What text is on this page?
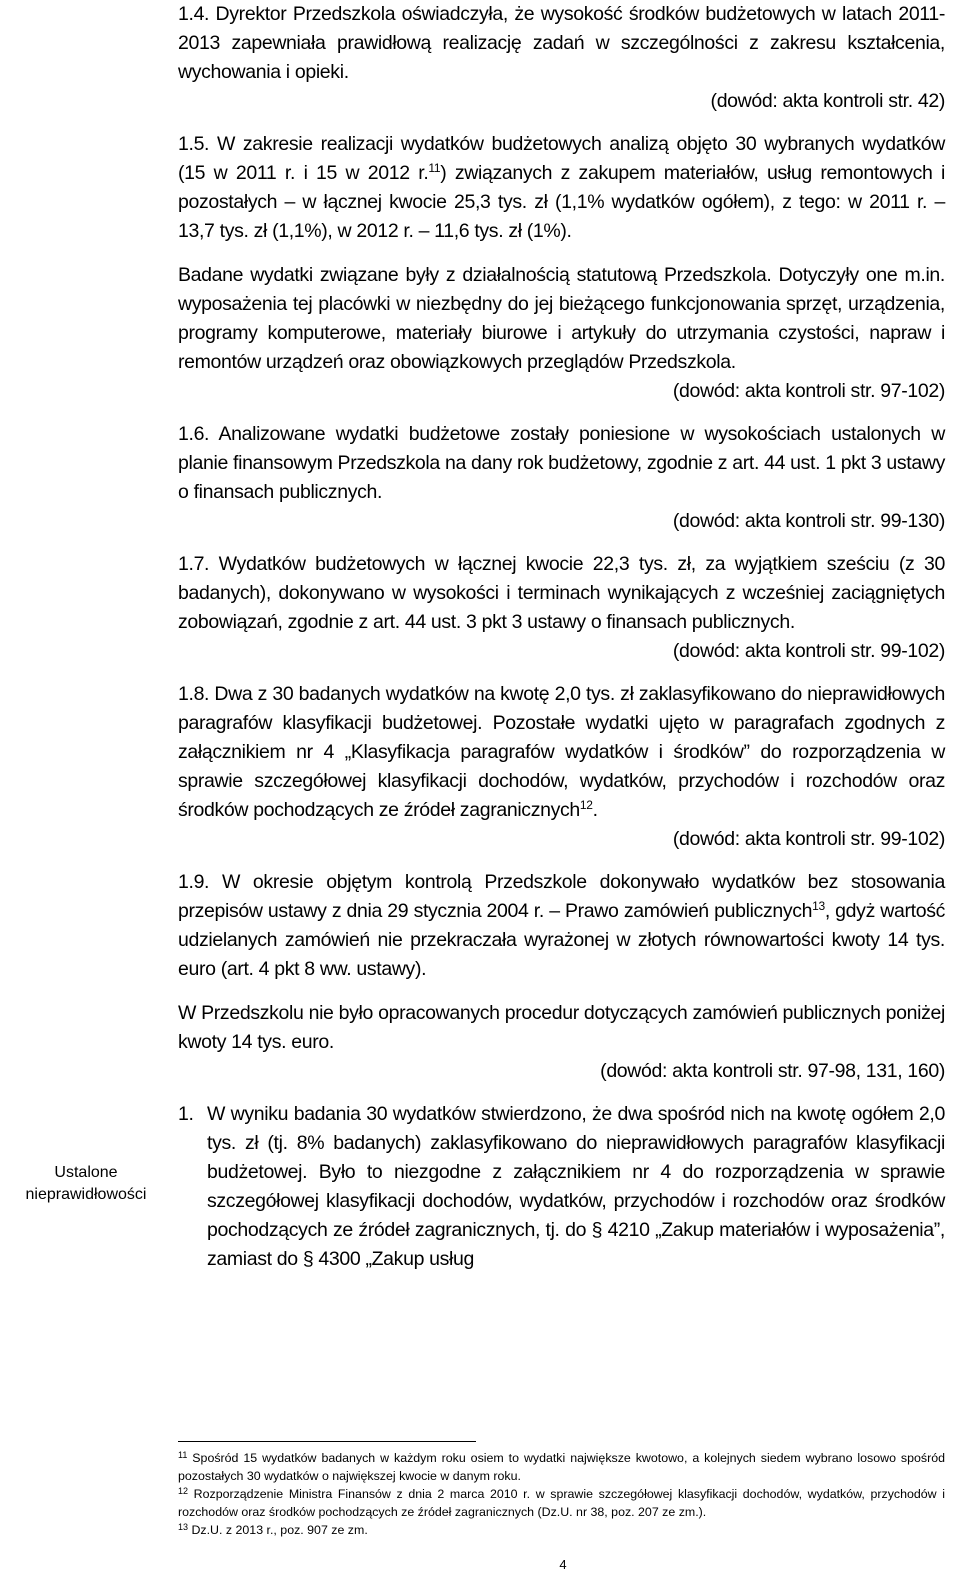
1.4. Dyrektor Przedszkola oświadczyła, że wysokość środków budżetowych w latach 2011-2013 zapewniała prawidłową realizację zadań w szczególności z zakresu kształcenia, wychowania i opieki.

(dowód: akta kontroli str. 42)

1.5. W zakresie realizacji wydatków budżetowych analizą objęto 30 wybranych wydatków (15 w 2011 r. i 15 w 2012 r.$^{11}$) związanych z zakupem materiałów, usług remontowych i pozostałych – w łącznej kwocie 25,3 tys. zł (1,1% wydatków ogółem), z tego: w 2011 r. – 13,7 tys. zł (1,1%), w 2012 r. – 11,6 tys. zł (1%).

Badane wydatki związane były z działalnością statutową Przedszkola. Dotyczyły one m.in. wyposażenia tej placówki w niezbędny do jej bieżącego funkcjonowania sprzęt, urządzenia, programy komputerowe, materiały biurowe i artykuły do utrzymania czystości, napraw i remontów urządzeń oraz obowiązkowych przeglądów Przedszkola.

(dowód: akta kontroli str. 97-102)

1.6. Analizowane wydatki budżetowe zostały poniesione w wysokościach ustalonych w planie finansowym Przedszkola na dany rok budżetowy, zgodnie z art. 44 ust. 1 pkt 3 ustawy o finansach publicznych.

(dowód: akta kontroli str. 99-130)

1.7. Wydatków budżetowych w łącznej kwocie 22,3 tys. zł, za wyjątkiem sześciu (z 30 badanych), dokonywano w wysokości i terminach wynikających z wcześniej zaciągniętych zobowiązań, zgodnie z art. 44 ust. 3 pkt 3 ustawy o finansach publicznych.

(dowód: akta kontroli str. 99-102)

1.8. Dwa z 30 badanych wydatków na kwotę 2,0 tys. zł zaklasyfikowano do nieprawidłowych paragrafów klasyfikacji budżetowej. Pozostałe wydatki ujęto w paragrafach zgodnych z załącznikiem nr 4 „Klasyfikacja paragrafów wydatków i środków” do rozporządzenia w sprawie szczegółowej klasyfikacji dochodów, wydatków, przychodów i rozchodów oraz środków pochodzących ze źródeł zagranicznych$^{12}$.

(dowód: akta kontroli str. 99-102)

1.9. W okresie objętym kontrolą Przedszkole dokonywało wydatków bez stosowania przepisów ustawy z dnia 29 stycznia 2004 r. – Prawo zamówień publicznych$^{13}$, gdyż wartość udzielanych zamówień nie przekraczała wyrażonej w złotych równowartości kwoty 14 tys. euro (art. 4 pkt 8 ww. ustawy).

W Przedszkolu nie było opracowanych procedur dotyczących zamówień publicznych poniżej kwoty 14 tys. euro.

(dowód: akta kontroli str. 97-98, 131, 160)

1. W wyniku badania 30 wydatków stwierdzono, że dwa spośród nich na kwotę ogółem 2,0 tys. zł (tj. 8% badanych) zaklasyfikowano do nieprawidłowych paragrafów klasyfikacji budżetowej. Było to niezgodne z załącznikiem nr 4 do rozporządzenia w sprawie szczegółowej klasyfikacji dochodów, wydatków, przychodów i rozchodów oraz środków pochodzących ze źródeł zagranicznych, tj. do § 4210 „Zakup materiałów i wyposażenia”, zamiast do § 4300 „Zakup usług
Ustalone nieprawidłowości

$^{11}$ Spośród 15 wydatków badanych w każdym roku osiem to wydatki największe kwotowo, a kolejnych siedem wybrano losowo spośród pozostałych 30 wydatków o największej kwocie w danym roku.

$^{12}$ Rozporządzenie Ministra Finansów z dnia 2 marca 2010 r. w sprawie szczegółowej klasyfikacji dochodów, wydatków, przychodów i rozchodów oraz środków pochodzących ze źródeł zagranicznych (Dz.U. nr 38, poz. 207 ze zm.).

$^{13}$ Dz.U. z 2013 r., poz. 907 ze zm.

4
